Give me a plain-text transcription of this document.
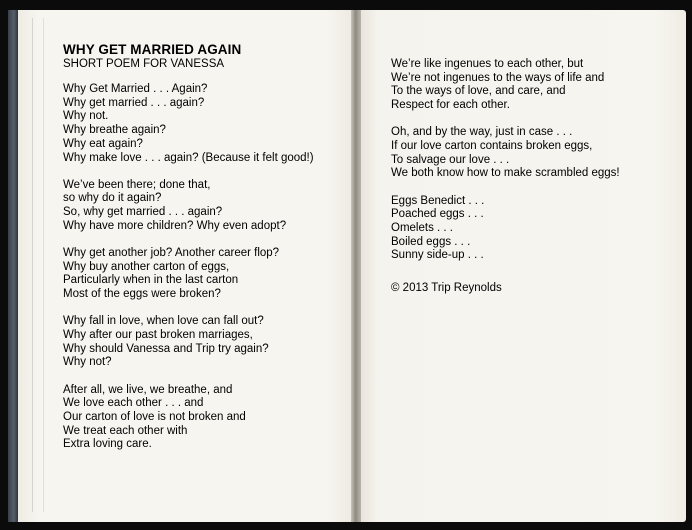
WHY GET MARRIED AGAIN
SHORT POEM FOR VANESSA
Why Get Married . . . Again?
Why get married . . . again?
Why not.
Why breathe again?
Why eat again?
Why make love . . . again? (Because it felt good!)
We’ve been there; done that,
so why do it again?
So, why get married . . . again?
Why have more children? Why even adopt?
Why get another job? Another career flop?
Why buy another carton of eggs,
Particularly when in the last carton
Most of the eggs were broken?
Why fall in love, when love can fall out?
Why after our past broken marriages,
Why should Vanessa and Trip try again?
Why not?
After all, we live, we breathe, and
We love each other . . . and
Our carton of love is not broken and
We treat each other with
Extra loving care.
We’re like ingenues to each other, but
We’re not ingenues to the ways of life and
To the ways of love, and care, and
Respect for each other.
Oh, and by the way, just in case . . .
If our love carton contains broken eggs,
To salvage our love . . .
We both know how to make scrambled eggs!
Eggs Benedict . . .
Poached eggs . . .
Omelets . . .
Boiled eggs . . .
Sunny side-up . . .
© 2013 Trip Reynolds
